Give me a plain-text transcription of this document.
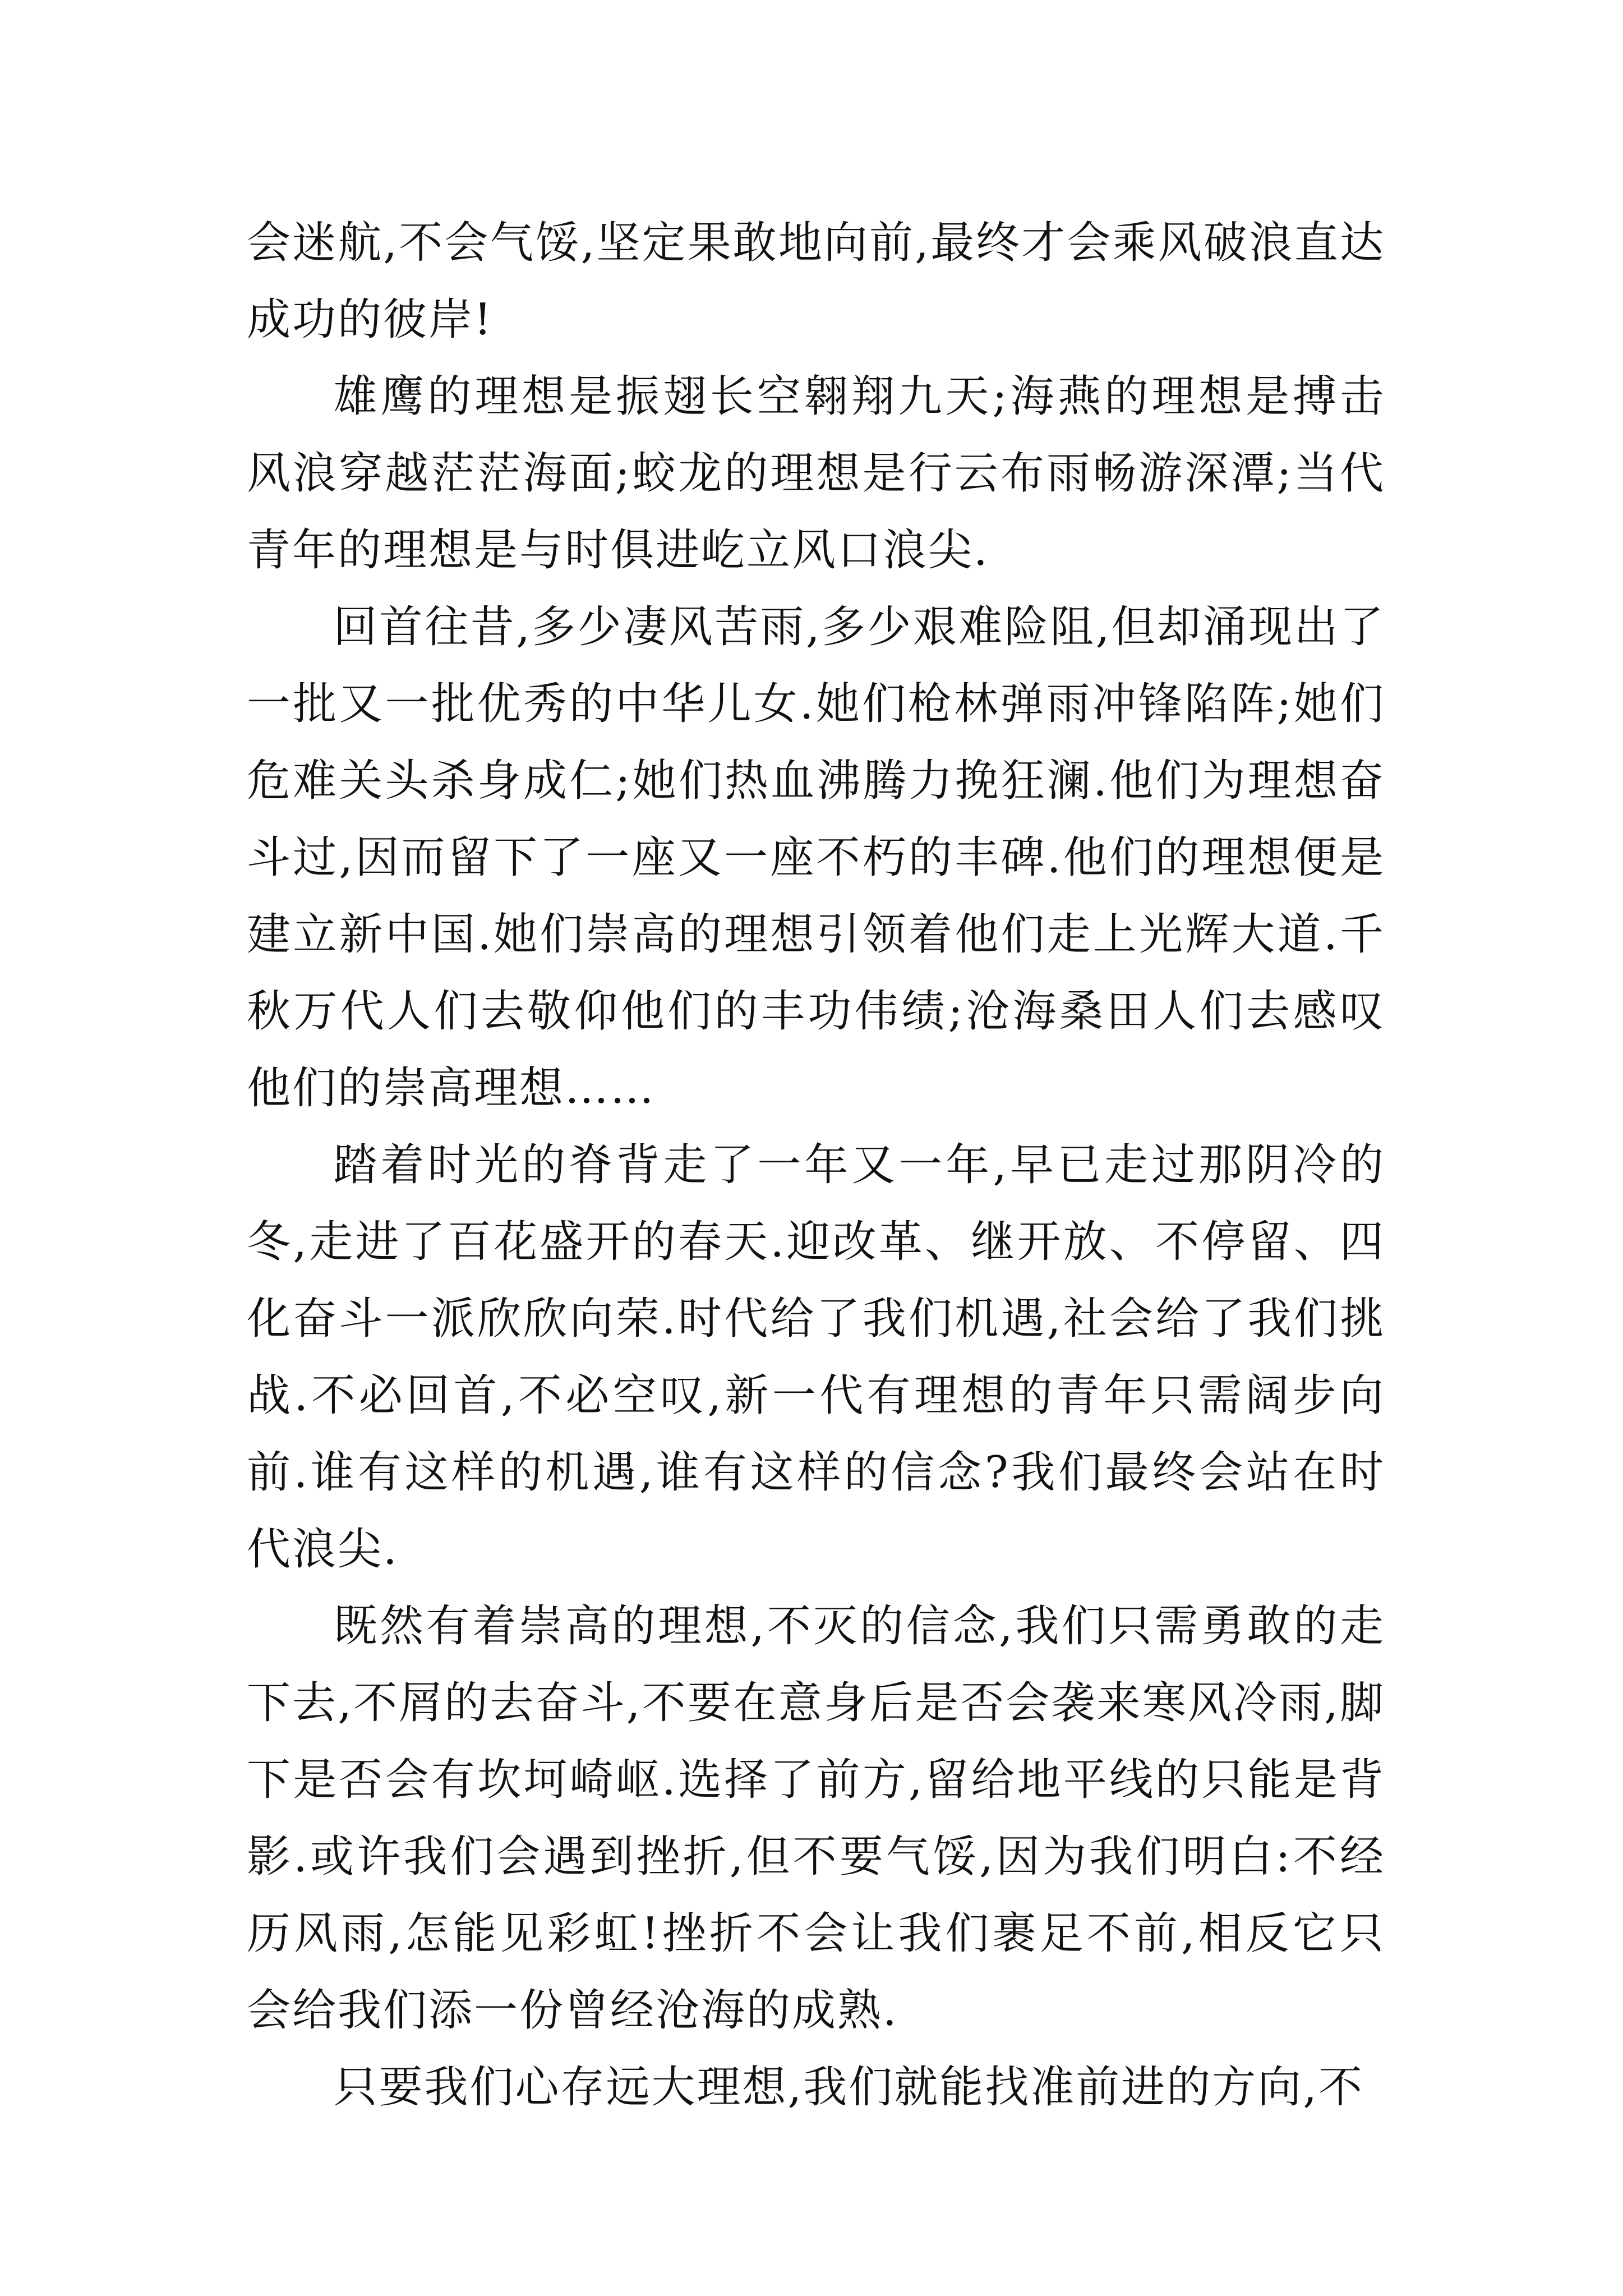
会迷航,不会气馁,坚定果敢地向前,最终才会乘风破浪直达成功的彼岸!

雄鹰的理想是振翅长空翱翔九天;海燕的理想是搏击风浪穿越茫茫海面;蛟龙的理想是行云布雨畅游深潭;当代青年的理想是与时俱进屹立风口浪尖.

回首往昔,多少凄风苦雨,多少艰难险阻,但却涌现出了一批又一批优秀的中华儿女.她们枪林弹雨冲锋陷阵;她们危难关头杀身成仁;她们热血沸腾力挽狂澜.他们为理想奋斗过,因而留下了一座又一座不朽的丰碑.他们的理想便是建立新中国.她们崇高的理想引领着他们走上光辉大道.千秋万代人们去敬仰他们的丰功伟绩;沧海桑田人们去感叹他们的崇高理想……

踏着时光的脊背走了一年又一年,早已走过那阴冷的冬,走进了百花盛开的春天.迎改革、继开放、不停留、四化奋斗一派欣欣向荣.时代给了我们机遇,社会给了我们挑战.不必回首,不必空叹,新一代有理想的青年只需阔步向前.谁有这样的机遇,谁有这样的信念?我们最终会站在时代浪尖.

既然有着崇高的理想,不灭的信念,我们只需勇敢的走下去,不屑的去奋斗,不要在意身后是否会袭来寒风冷雨,脚下是否会有坎坷崎岖.选择了前方,留给地平线的只能是背影.或许我们会遇到挫折,但不要气馁,因为我们明白:不经历风雨,怎能见彩虹!挫折不会让我们裹足不前,相反它只会给我们添一份曾经沧海的成熟.

只要我们心存远大理想,我们就能找准前进的方向,不
